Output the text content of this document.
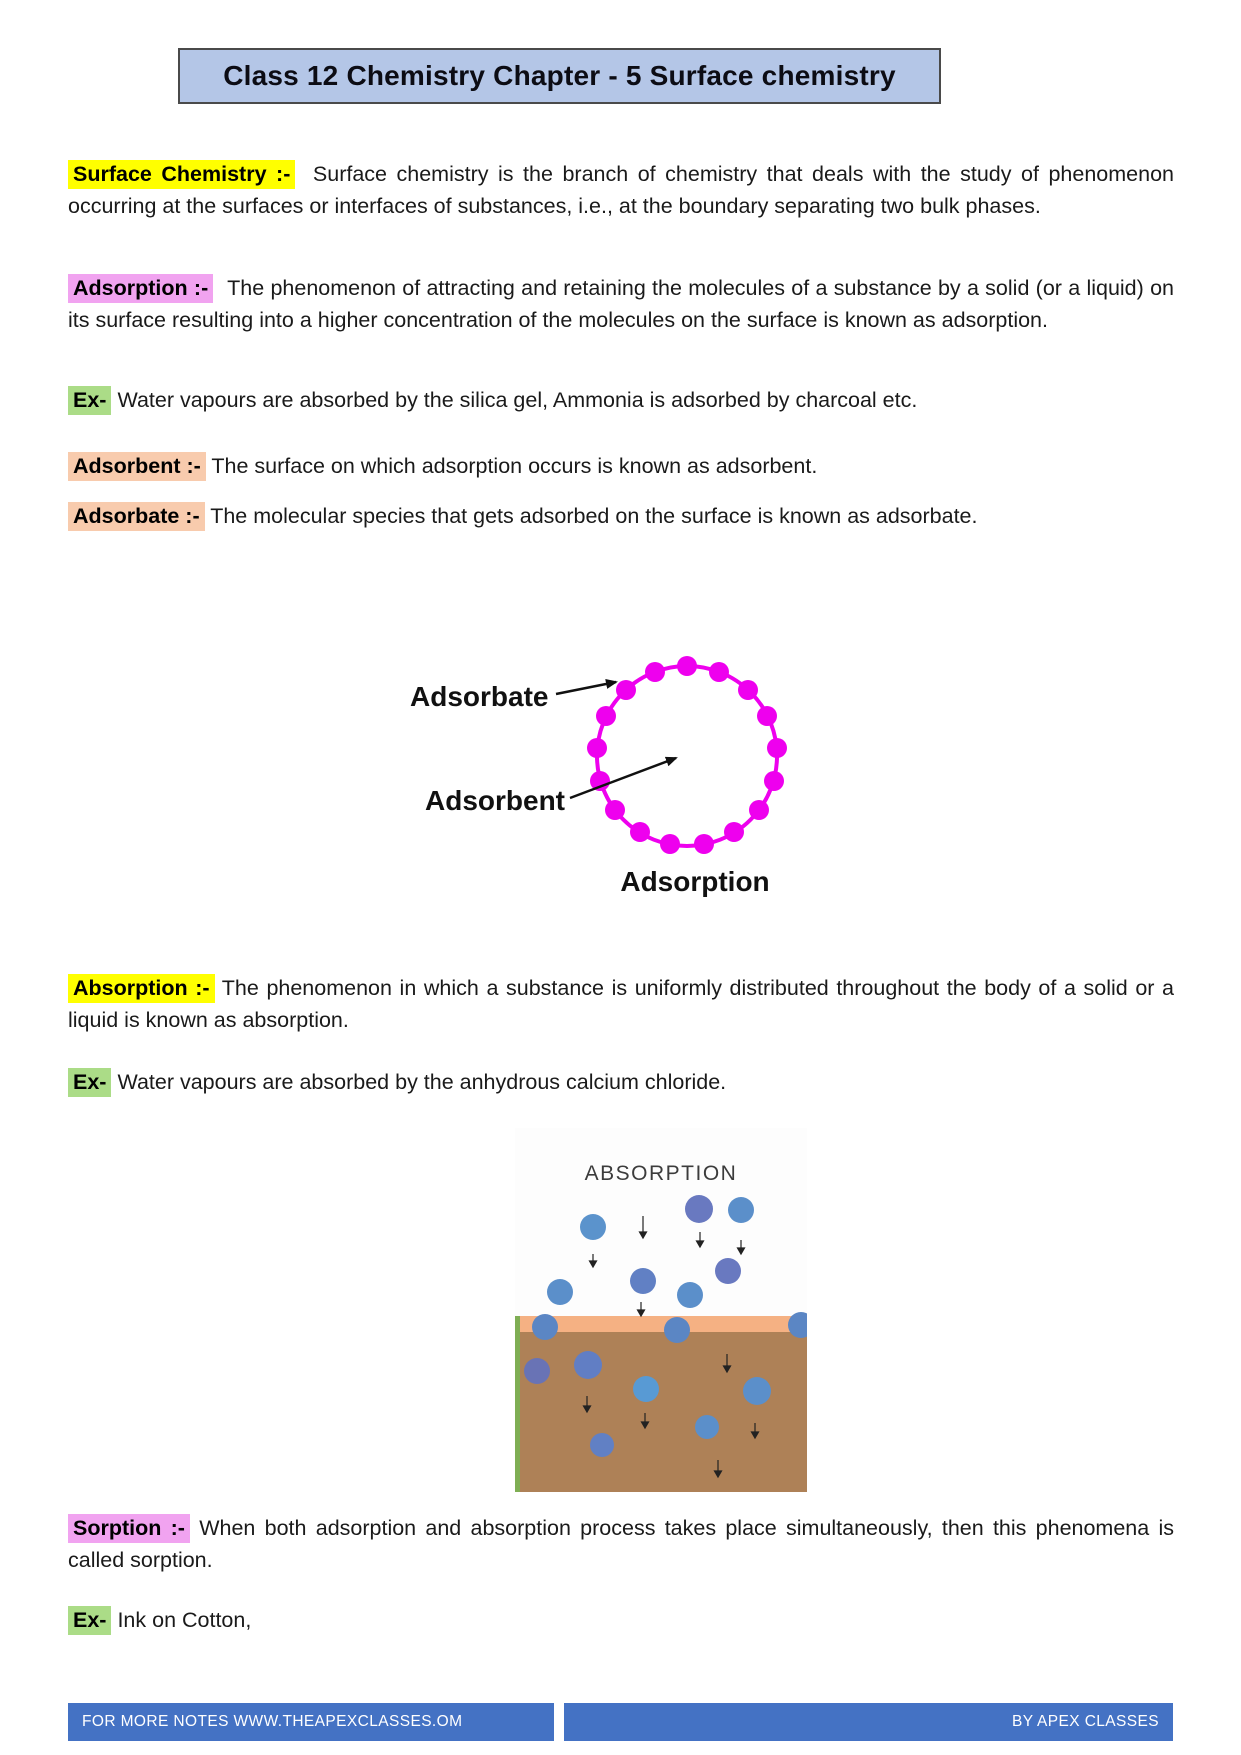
Class 12 Chemistry Chapter - 5 Surface chemistry

Surface Chemistry :- Surface chemistry is the branch of chemistry that deals with the study of phenomenon occurring at the surfaces or interfaces of substances, i.e., at the boundary separating two bulk phases.

Adsorption :- The phenomenon of attracting and retaining the molecules of a substance by a solid (or a liquid) on its surface resulting into a higher concentration of the molecules on the surface is known as adsorption.

Ex- Water vapours are absorbed by the silica gel, Ammonia is adsorbed by charcoal etc.

Adsorbent :- The surface on which adsorption occurs is known as adsorbent.

Adsorbate :- The molecular species that gets adsorbed on the surface is known as adsorbate.

Adsorbate
Adsorbent
Adsorption

Absorption :- The phenomenon in which a substance is uniformly distributed throughout the body of a solid or a liquid is known as absorption.

Ex- Water vapours are absorbed by the anhydrous calcium chloride.

ABSORPTION

Sorption :- When both adsorption and absorption process takes place simultaneously, then this phenomena is called sorption.

Ex- Ink on Cotton,

FOR MORE NOTES WWW.THEAPEXCLASSES.OM	BY APEX CLASSES
